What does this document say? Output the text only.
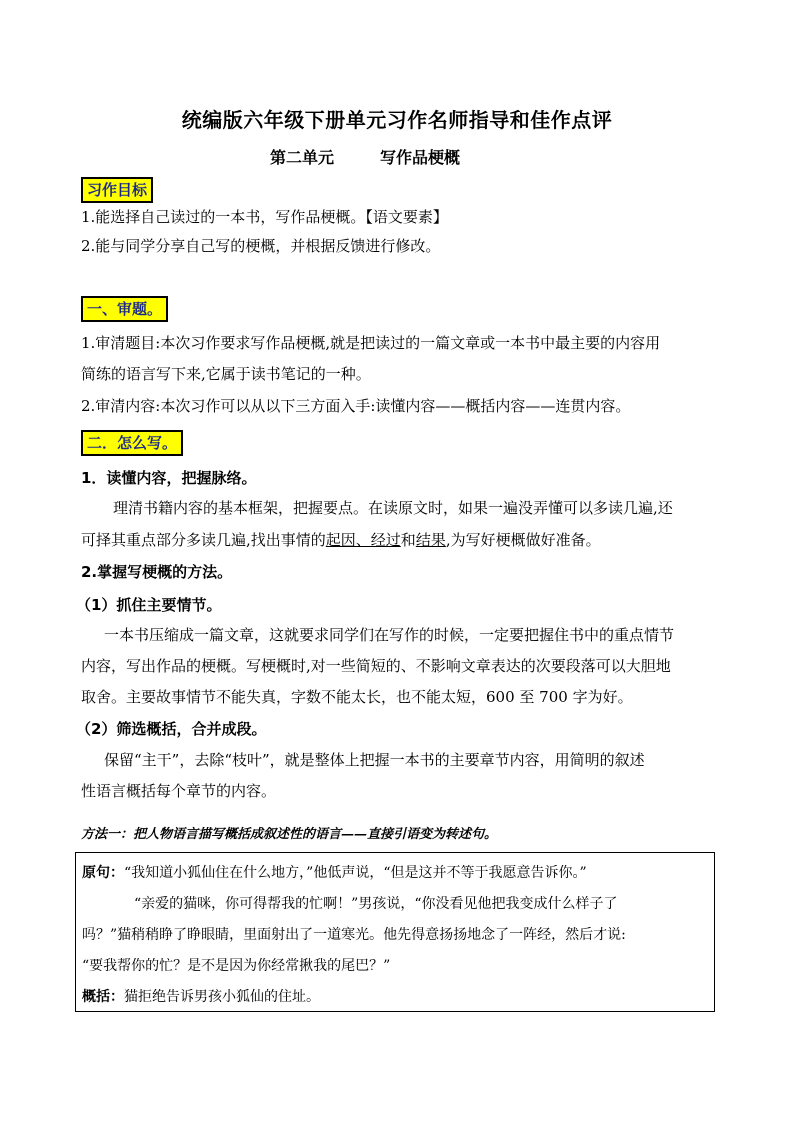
统编版六年级下册单元习作名师指导和佳作点评
第二单元	写作品梗概
习作目标
1.能选择自己读过的一本书，写作品梗概。【语文要素】
2.能与同学分享自己写的梗概，并根据反馈进行修改。
一、审题。
1.审清题目:本次习作要求写作品梗概,就是把读过的一篇文章或一本书中最主要的内容用
简练的语言写下来,它属于读书笔记的一种。
2.审清内容:本次习作可以从以下三方面入手:读懂内容——概括内容——连贯内容。
二．怎么写。
1．读懂内容，把握脉络。
理清书籍内容的基本框架，把握要点。在读原文时，如果一遍没弄懂可以多读几遍,还
可择其重点部分多读几遍,找出事情的起因、经过和结果,为写好梗概做好准备。
2.掌握写梗概的方法。
（1）抓住主要情节。
一本书压缩成一篇文章，这就要求同学们在写作的时候，一定要把握住书中的重点情节
内容，写出作品的梗概。写梗概时,对一些简短的、不影响文章表达的次要段落可以大胆地
取舍。主要故事情节不能失真，字数不能太长，也不能太短，600 至 700 字为好。
（2）筛选概括，合并成段。
保留“主干”，去除“枝叶”，就是整体上把握一本书的主要章节内容，用简明的叙述
性语言概括每个章节的内容。
方法一：把人物语言描写概括成叙述性的语言——直接引语变为转述句。
原句：“我知道小狐仙住在什么地方，”他低声说，“但是这并不等于我愿意告诉你。”
“亲爱的猫咪，你可得帮我的忙啊！”男孩说，“你没看见他把我变成什么样子了
吗？”猫稍稍睁了睁眼睛，里面射出了一道寒光。他先得意扬扬地念了一阵经，然后才说:
“要我帮你的忙？是不是因为你经常揪我的尾巴？”
概括：猫拒绝告诉男孩小狐仙的住址。
